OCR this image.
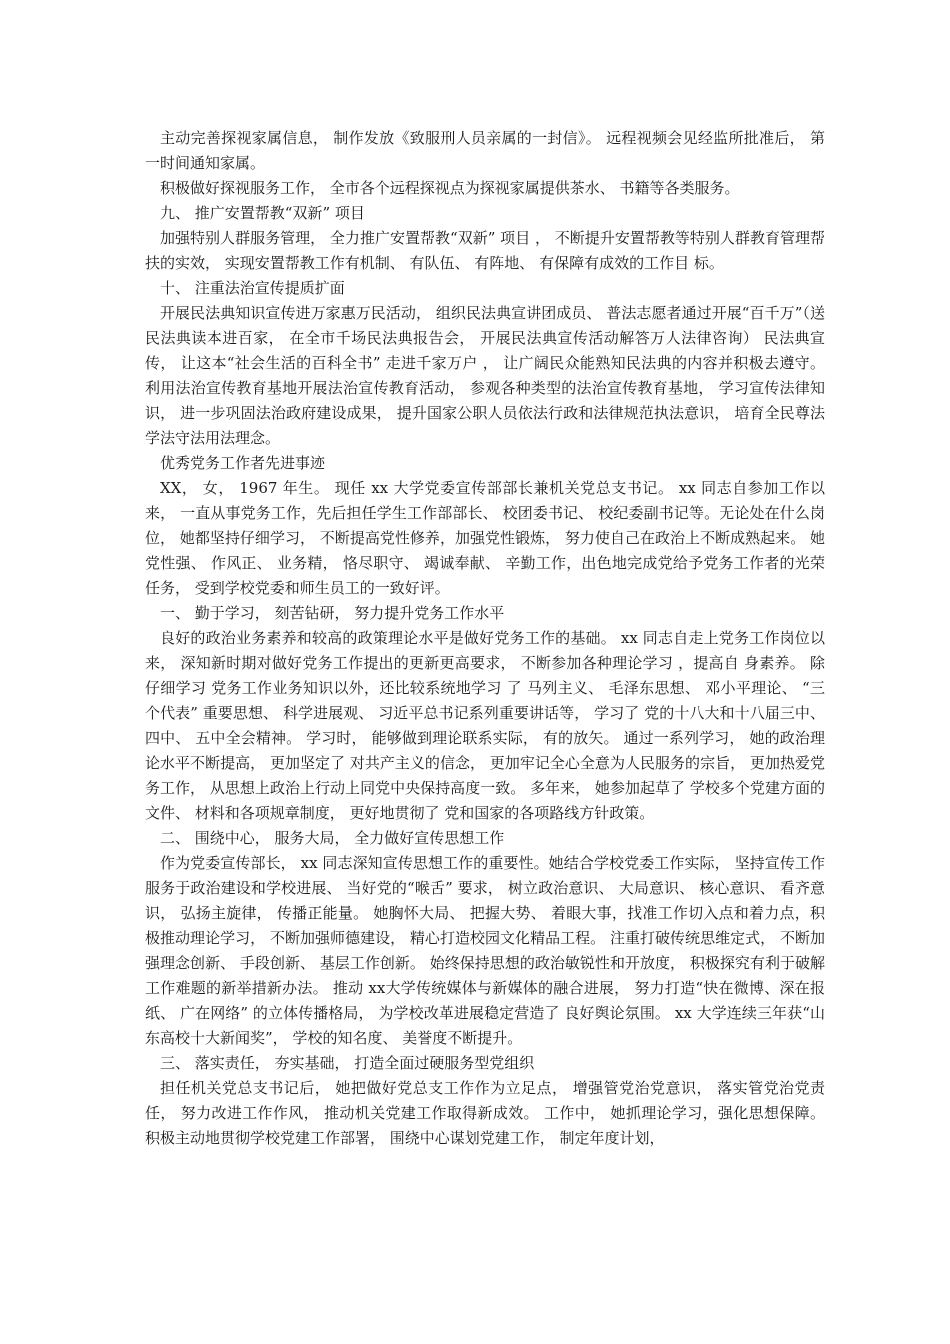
主动完善探视家属信息， 制作发放《致服刑人员亲属的一封信》。 远程视频会见经监所批准后， 第一时间通知家属。

积极做好探视服务工作， 全市各个远程探视点为探视家属提供茶水、 书籍等各类服务。

九、 推广安置帮教“双新” 项目

加强特别人群服务管理， 全力推广安置帮教“双新” 项目 ， 不断提升安置帮教等特别人群教育管理帮扶的实效， 实现安置帮教工作有机制、 有队伍、 有阵地、 有保障有成效的工作目 标。

十、 注重法治宣传提质扩面

开展民法典知识宣传进万家惠万民活动， 组织民法典宣讲团成员、 普法志愿者通过开展“百千万”（送民法典读本进百家， 在全市千场民法典报告会， 开展民法典宣传活动解答万人法律咨询） 民法典宣传， 让这本“社会生活的百科全书” 走进千家万户 ， 让广阔民众能熟知民法典的内容并积极去遵守。 利用法治宣传教育基地开展法治宣传教育活动， 参观各种类型的法治宣传教育基地， 学习宣传法律知识， 进一步巩固法治政府建设成果， 提升国家公职人员依法行政和法律规范执法意识， 培育全民尊法学法守法用法理念。

优秀党务工作者先进事迹

XX， 女， 1967 年生。 现任 xx 大学党委宣传部部长兼机关党总支书记。 xx 同志自参加工作以来， 一直从事党务工作，先后担任学生工作部部长、 校团委书记、 校纪委副书记等。无论处在什么岗位， 她都坚持仔细学习， 不断提高党性修养，加强党性锻炼， 努力使自己在政治上不断成熟起来。 她党性强、 作风正、 业务精， 恪尽职守、 竭诚奉献、 辛勤工作，出色地完成党给予党务工作者的光荣任务， 受到学校党委和师生员工的一致好评。

一、 勤于学习， 刻苦钻研， 努力提升党务工作水平

良好的政治业务素养和较高的政策理论水平是做好党务工作的基础。 xx 同志自走上党务工作岗位以来， 深知新时期对做好党务工作提出的更新更高要求， 不断参加各种理论学习 ，提高自 身素养。 除仔细学习 党务工作业务知识以外，还比较系统地学习 了 马列主义、 毛泽东思想、 邓小平理论、 “三个代表” 重要思想、 科学进展观、 习近平总书记系列重要讲话等， 学习了 党的十八大和十八届三中、 四中、 五中全会精神。 学习时， 能够做到理论联系实际， 有的放矢。 通过一系列学习， 她的政治理论水平不断提高， 更加坚定了 对共产主义的信念， 更加牢记全心全意为人民服务的宗旨， 更加热爱党务工作， 从思想上政治上行动上同党中央保持高度一致。 多年来， 她参加起草了 学校多个党建方面的文件、 材料和各项规章制度， 更好地贯彻了 党和国家的各项路线方针政策。

二、 围绕中心， 服务大局， 全力做好宣传思想工作

作为党委宣传部长， xx 同志深知宣传思想工作的重要性。她结合学校党委工作实际， 坚持宣传工作服务于政治建设和学校进展、 当好党的“喉舌” 要求， 树立政治意识、 大局意识、 核心意识、 看齐意识， 弘扬主旋律， 传播正能量。 她胸怀大局、 把握大势、 着眼大事，找准工作切入点和着力点，积极推动理论学习， 不断加强师德建设， 精心打造校园文化精品工程。 注重打破传统思维定式， 不断加强理念创新、 手段创新、 基层工作创新。 始终保持思想的政治敏锐性和开放度， 积极探究有利于破解工作难题的新举措新办法。 推动 xx大学传统媒体与新媒体的融合进展， 努力打造“快在微博、深在报纸、 广在网络” 的立体传播格局， 为学校改革进展稳定营造了 良好舆论氛围。 xx 大学连续三年获“山东高校十大新闻奖”， 学校的知名度、 美誉度不断提升。

三、 落实责任， 夯实基础， 打造全面过硬服务型党组织

担任机关党总支书记后， 她把做好党总支工作作为立足点， 增强管党治党意识， 落实管党治党责任， 努力改进工作作风， 推动机关党建工作取得新成效。 工作中， 她抓理论学习，强化思想保障。 积极主动地贯彻学校党建工作部署， 围绕中心谋划党建工作， 制定年度计划，
